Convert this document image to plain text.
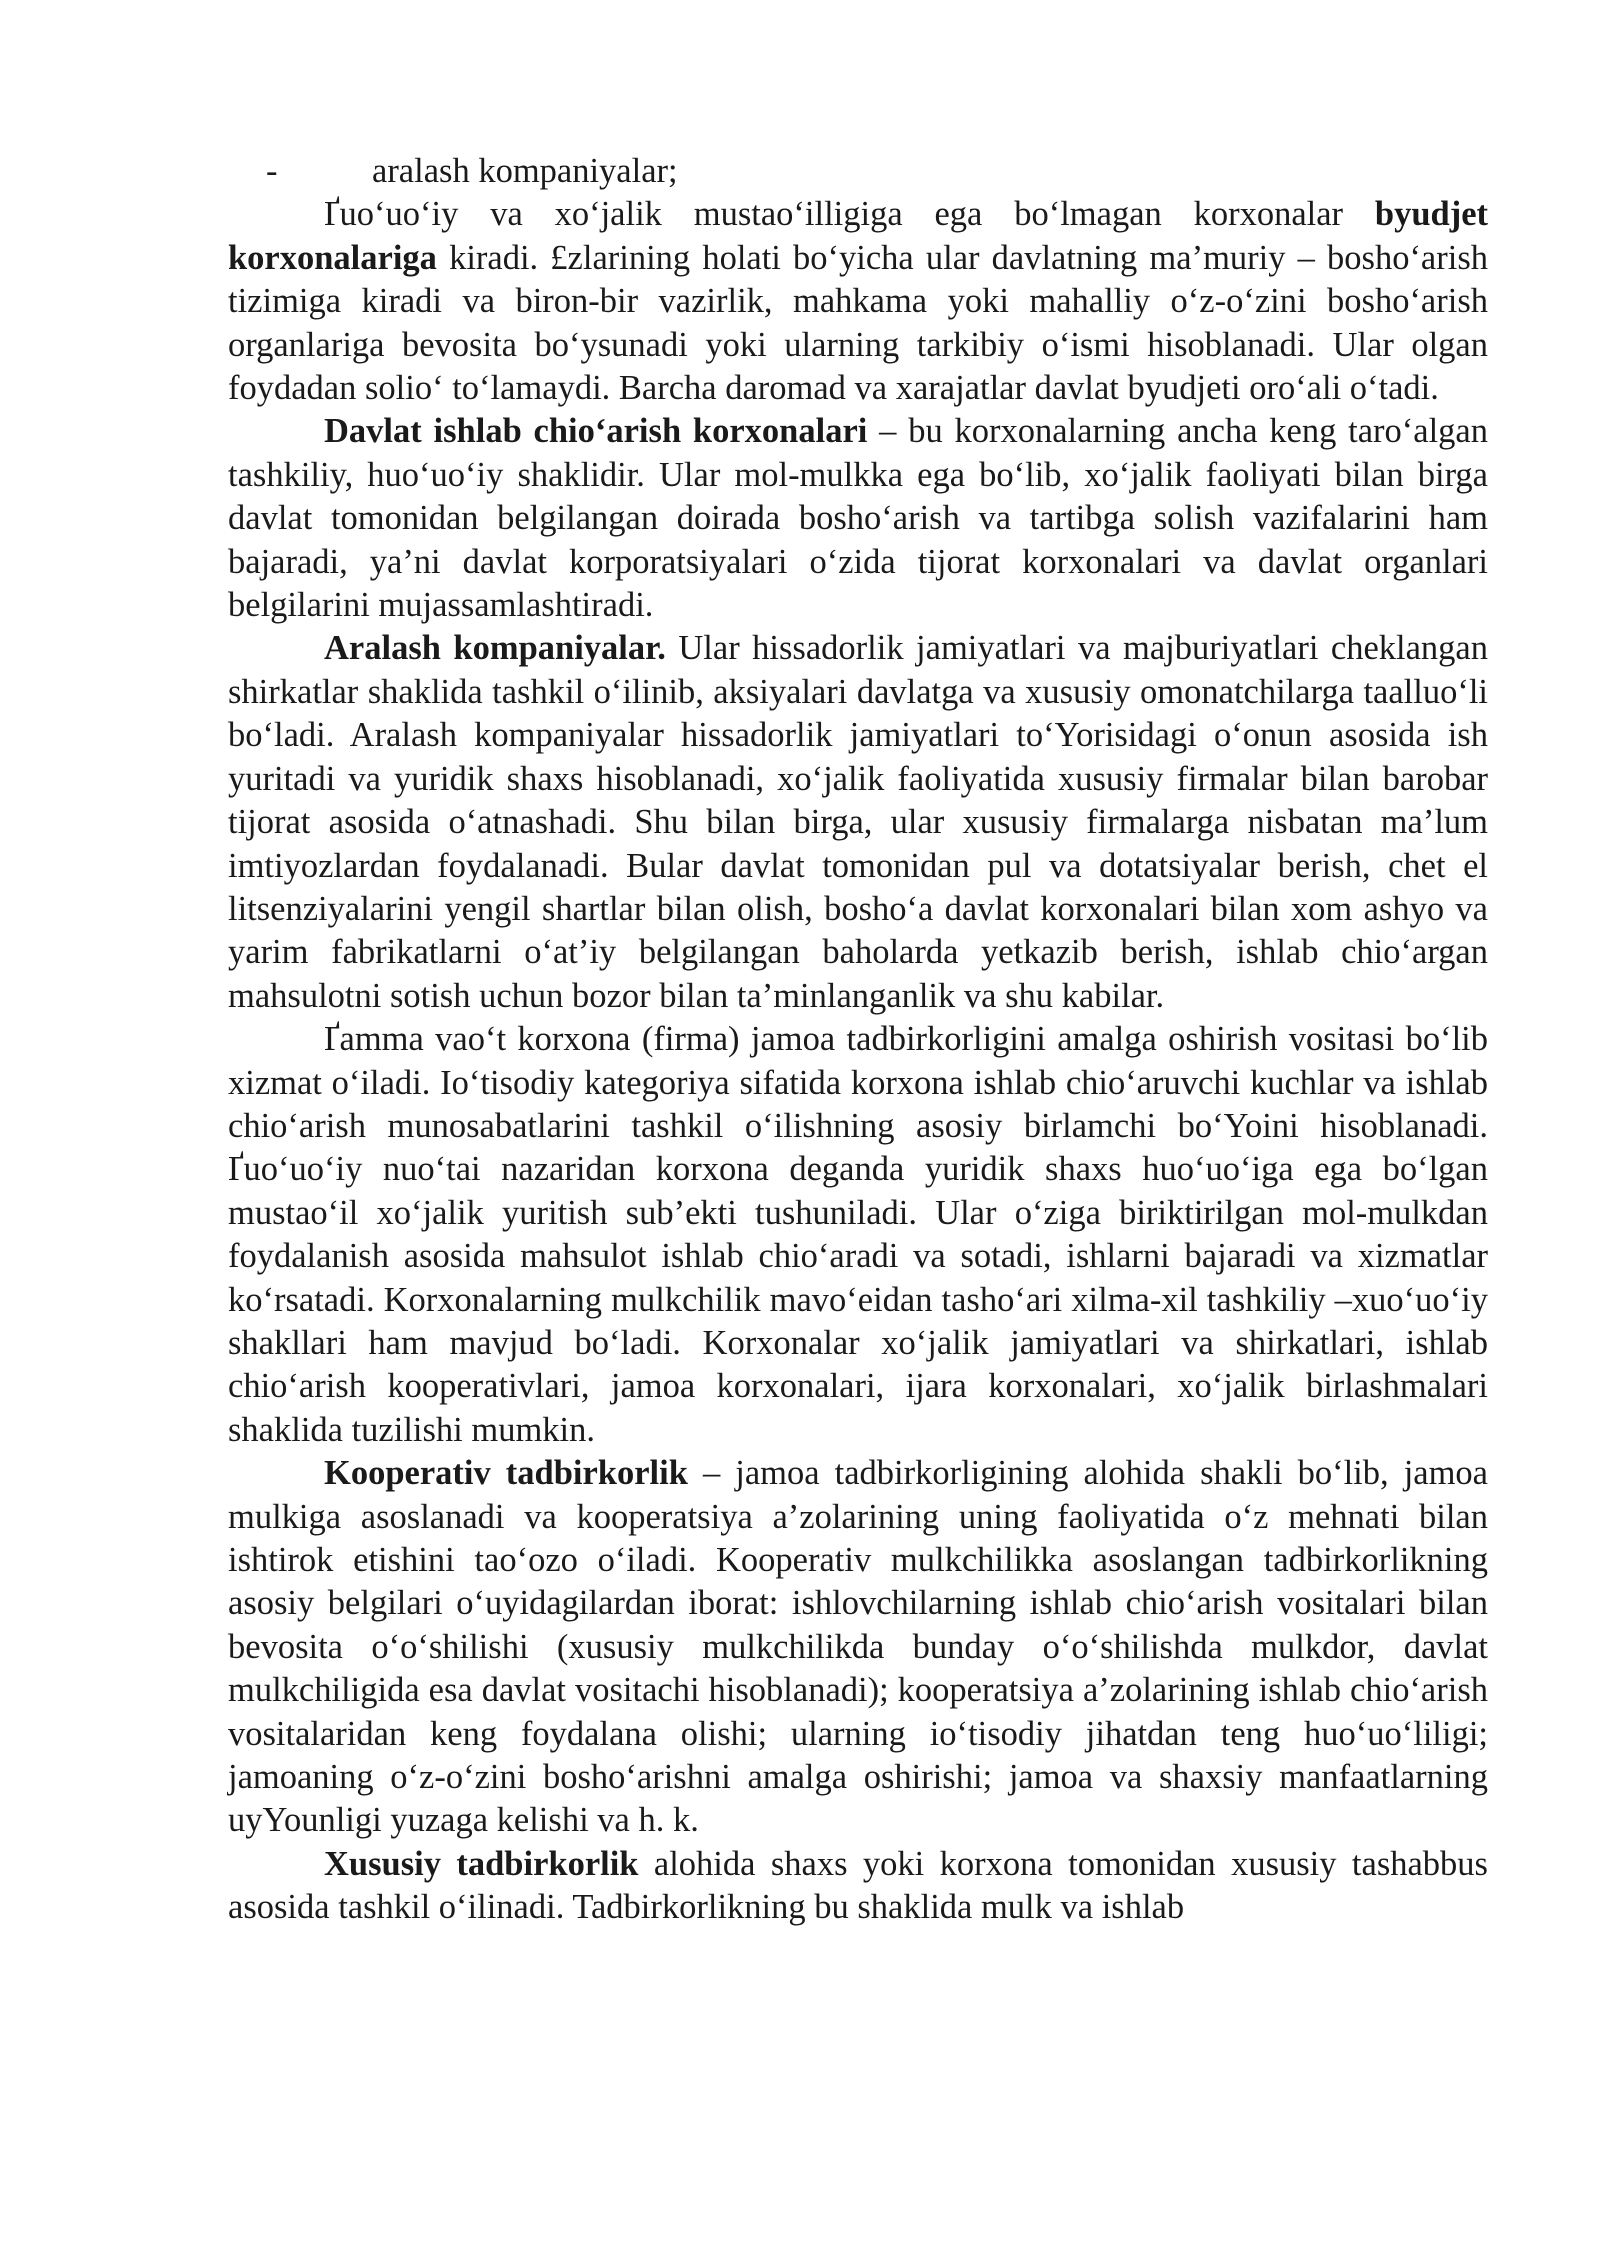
-	aralash kompaniyalar;

Ґuo‘uo‘iy va xo‘jalik mustao‘illigiga ega bo‘lmagan korxonalar byudjet korxonalariga kiradi. £zlarining holati bo‘yicha ular davlatning ma’muriy – bosho‘arish tizimiga kiradi va biron-bir vazirlik, mahkama yoki mahalliy o‘z-o‘zini bosho‘arish organlariga bevosita bo‘ysunadi yoki ularning tarkibiy o‘ismi hisoblanadi. Ular olgan foydadan solio‘ to‘lamaydi. Barcha daromad va xarajatlar davlat byudjeti oro‘ali o‘tadi.

Davlat ishlab chio‘arish korxonalari – bu korxonalarning ancha keng taro‘algan tashkiliy, huo‘uo‘iy shaklidir. Ular mol-mulkka ega bo‘lib, xo‘jalik faoliyati bilan birga davlat tomonidan belgilangan doirada bosho‘arish va tartibga solish vazifalarini ham bajaradi, ya’ni davlat korporatsiyalari o‘zida tijorat korxonalari va davlat organlari belgilarini mujassamlashtiradi.

Aralash kompaniyalar. Ular hissadorlik jamiyatlari va majburiyatlari cheklangan shirkatlar shaklida tashkil o‘ilinib, aksiyalari davlatga va xususiy omonatchilarga taalluo‘li bo‘ladi. Aralash kompaniyalar hissadorlik jamiyatlari to‘Yorisidagi o‘onun asosida ish yuritadi va yuridik shaxs hisoblanadi, xo‘jalik faoliyatida xususiy firmalar bilan barobar tijorat asosida o‘atnashadi. Shu bilan birga, ular xususiy firmalarga nisbatan ma’lum imtiyozlardan foydalanadi. Bular davlat tomonidan pul va dotatsiyalar berish, chet el litsenziyalarini yengil shartlar bilan olish, bosho‘a davlat korxonalari bilan xom ashyo va yarim fabrikatlarni o‘at’iy belgilangan baholarda yetkazib berish, ishlab chio‘argan mahsulotni sotish uchun bozor bilan ta’minlanganlik va shu kabilar.

Ґamma vao‘t korxona (firma) jamoa tadbirkorligini amalga oshirish vositasi bo‘lib xizmat o‘iladi. Io‘tisodiy kategoriya sifatida korxona ishlab chio‘aruvchi kuchlar va ishlab chio‘arish munosabatlarini tashkil o‘ilishning asosiy birlamchi bo‘Yoini hisoblanadi. Ґuo‘uo‘iy nuo‘tai nazaridan korxona deganda yuridik shaxs huo‘uo‘iga ega bo‘lgan mustao‘il xo‘jalik yuritish sub’ekti tushuniladi. Ular o‘ziga biriktirilgan mol-mulkdan foydalanish asosida mahsulot ishlab chio‘aradi va sotadi, ishlarni bajaradi va xizmatlar ko‘rsatadi. Korxonalarning mulkchilik mavo‘eidan tasho‘ari xilma-xil tashkiliy –xuo‘uo‘iy shakllari ham mavjud bo‘ladi. Korxonalar xo‘jalik jamiyatlari va shirkatlari, ishlab chio‘arish kooperativlari, jamoa korxonalari, ijara korxonalari, xo‘jalik birlashmalari shaklida tuzilishi mumkin.

Kooperativ tadbirkorlik – jamoa tadbirkorligining alohida shakli bo‘lib, jamoa mulkiga asoslanadi va kooperatsiya a’zolarining uning faoliyatida o‘z mehnati bilan ishtirok etishini tao‘ozo o‘iladi. Kooperativ mulkchilikka asoslangan tadbirkorlikning asosiy belgilari o‘uyidagilardan iborat: ishlovchilarning ishlab chio‘arish vositalari bilan bevosita o‘o‘shilishi (xususiy mulkchilikda bunday o‘o‘shilishda mulkdor, davlat mulkchiligida esa davlat vositachi hisoblanadi); kooperatsiya a’zolarining ishlab chio‘arish vositalaridan keng foydalana olishi; ularning io‘tisodiy jihatdan teng huo‘uo‘liligi; jamoaning o‘z-o‘zini bosho‘arishni amalga oshirishi; jamoa va shaxsiy manfaatlarning uyYounligi yuzaga kelishi va h. k.

Xususiy tadbirkorlik alohida shaxs yoki korxona tomonidan xususiy tashabbus asosida tashkil o‘ilinadi. Tadbirkorlikning bu shaklida mulk va ishlab
